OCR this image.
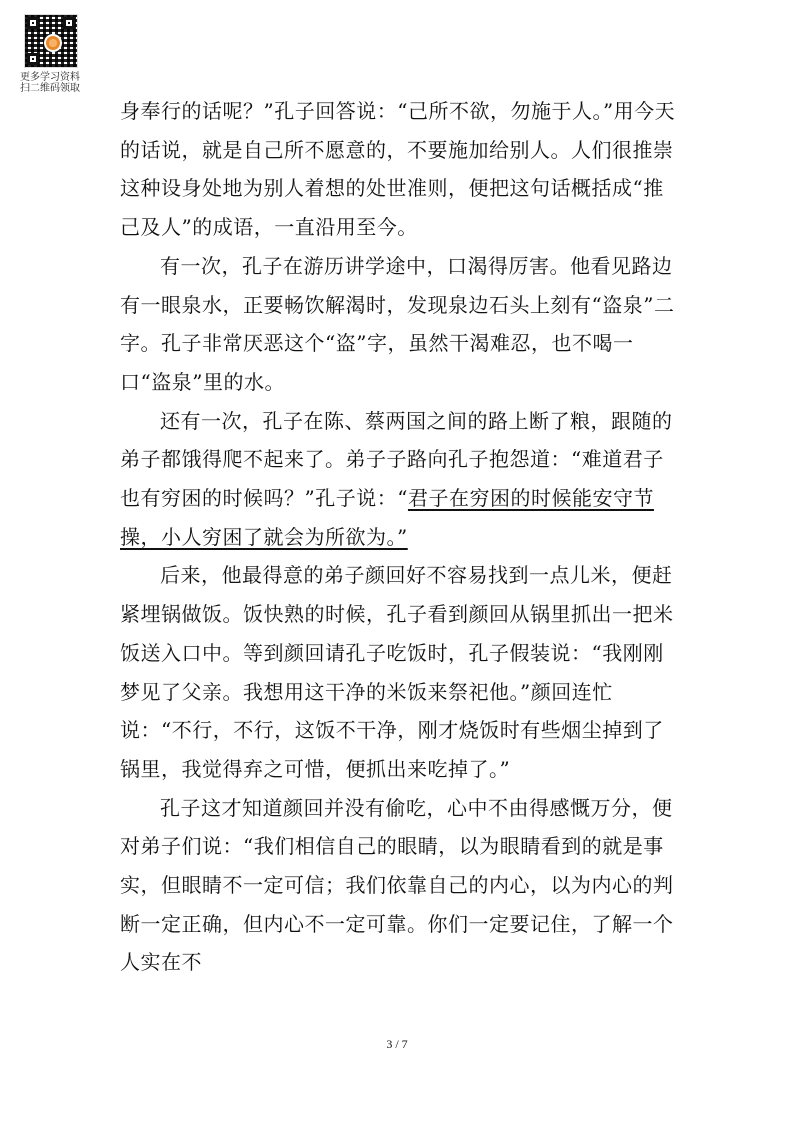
更多学习资料
扫二维码领取

身奉行的话呢？”孔子回答说：“己所不欲，勿施于人。”用今天的话说，就是自己所不愿意的，不要施加给别人。人们很推崇这种设身处地为别人着想的处世准则，便把这句话概括成“推己及人”的成语，一直沿用至今。

有一次，孔子在游历讲学途中，口渴得厉害。他看见路边有一眼泉水，正要畅饮解渴时，发现泉边石头上刻有“盗泉”二字。孔子非常厌恶这个“盗”字，虽然干渴难忍，也不喝一口“盗泉”里的水。

还有一次，孔子在陈、蔡两国之间的路上断了粮，跟随的弟子都饿得爬不起来了。弟子子路向孔子抱怨道：“难道君子也有穷困的时候吗？”孔子说：“君子在穷困的时候能安守节操，小人穷困了就会为所欲为。”

后来，他最得意的弟子颜回好不容易找到一点儿米，便赶紧埋锅做饭。饭快熟的时候，孔子看到颜回从锅里抓出一把米饭送入口中。等到颜回请孔子吃饭时，孔子假装说：“我刚刚梦见了父亲。我想用这干净的米饭来祭祀他。”颜回连忙说：“不行，不行，这饭不干净，刚才烧饭时有些烟尘掉到了锅里，我觉得弃之可惜，便抓出来吃掉了。”

孔子这才知道颜回并没有偷吃，心中不由得感慨万分，便对弟子们说：“我们相信自己的眼睛，以为眼睛看到的就是事实，但眼睛不一定可信；我们依靠自己的内心，以为内心的判断一定正确，但内心不一定可靠。你们一定要记住，了解一个人实在不

3 / 7
